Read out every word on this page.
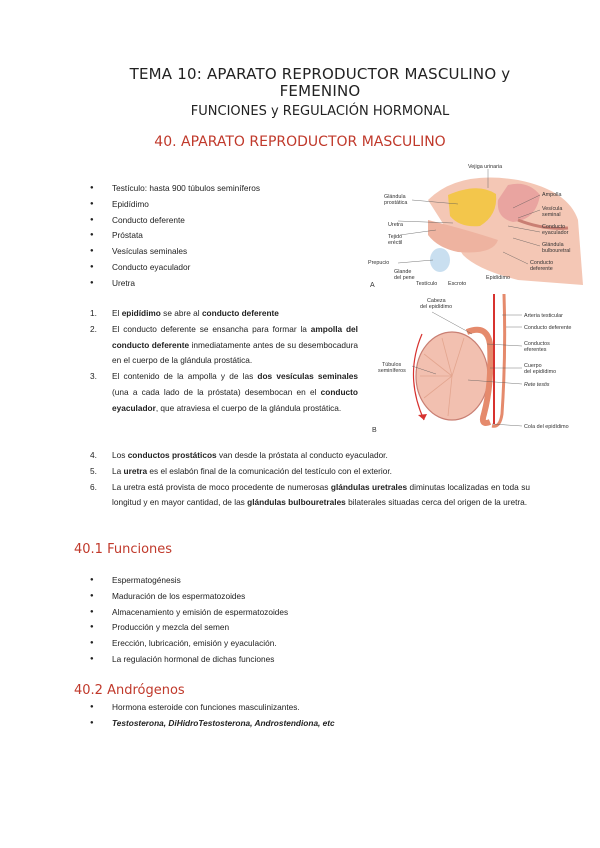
TEMA 10: APARATO REPRODUCTOR MASCULINO y
FEMENINO
FUNCIONES y REGULACIÓN HORMONAL
40. APARATO REPRODUCTOR MASCULINO
● Testículo: hasta 900 túbulos seminíferos
● Epidídimo
● Conducto deferente
● Próstata
● Vesículas seminales
● Conducto eyaculador
● Uretra
1. El epidídimo se abre al conducto deferente
2. El conducto deferente se ensancha para formar la ampolla del conducto deferente inmediatamente antes de su desembocadura en el cuerpo de la glándula prostática.
3. El contenido de la ampolla y de las dos vesículas seminales (una a cada lado de la próstata) desembocan en el conducto eyaculador, que atraviesa el cuerpo de la glándula prostática.
4. Los conductos prostáticos van desde la próstata al conducto eyaculador.
5. La uretra es el eslabón final de la comunicación del testículo con el exterior.
6. La uretra está provista de moco procedente de numerosas glándulas uretrales diminutas localizadas en toda su longitud y en mayor cantidad, de las glándulas bulbouretrales bilaterales situadas cerca del origen de la uretra.
40.1 Funciones
● Espermatogénesis
● Maduración de los espermatozoides
● Almacenamiento y emisión de espermatozoides
● Producción y mezcla del semen
● Erección, lubricación, emisión y eyaculación.
● La regulación hormonal de dichas funciones
40.2 Andrógenos
● Hormona esteroide con funciones masculinizantes.
● Testosterona, DiHidroTestosterona, Androstendiona, etc
Vejiga urinaria
Glándula
prostática
Uretra
Tejido
eréctil
Prepucio
Glande
del pene
Testículo Escroto
Epidídimo
Ampolla
Vesícula
seminal
Conducto
eyaculador
Glándula
bulbouretral
Conducto
deferente
A
Cabeza
del epidídimo
Arteria testicular
Conducto deferente
Conductos
eferentes
Cuerpo
del epidídimo
Rete testis
Túbulos
seminíferos
Cola del epidídimo
B
